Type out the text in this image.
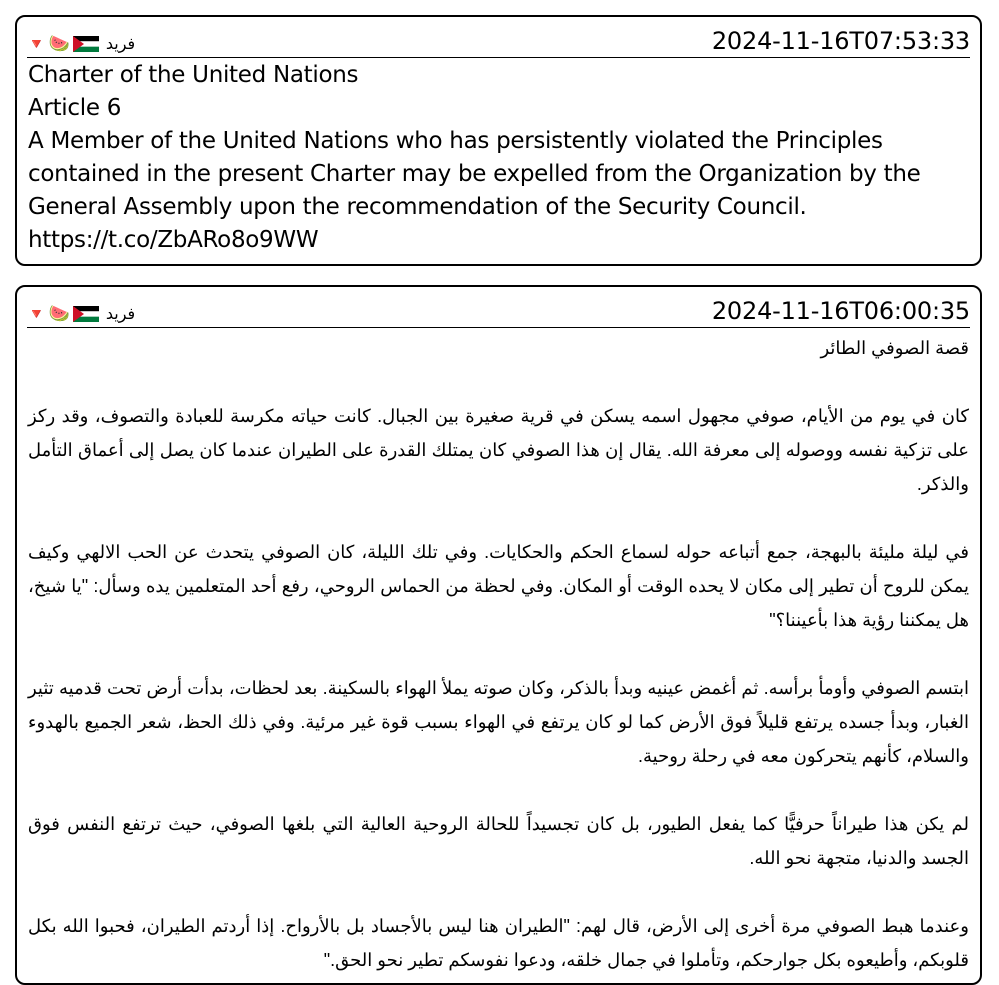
🔻 🍉 فريد	2024-11-16T07:53:33
Charter of the United Nations
Article 6
A Member of the United Nations who has persistently violated the Principles
contained in the present Charter may be expelled from the Organization by the
General Assembly upon the recommendation of the Security Council.
https://t.co/ZbARo8o9WW
🔻 🍉 فريد	2024-11-16T06:00:35

قصة الصوفي الطائر

كان في يوم من الأيام، صوفي مجهول اسمه يسكن في قرية صغيرة بين الجبال. كانت حياته مكرسة للعبادة والتصوف، وقد ركز على تزكية نفسه ووصوله إلى معرفة الله. يقال إن هذا الصوفي كان يمتلك القدرة على الطيران عندما كان يصل إلى أعماق التأمل والذكر.

في ليلة مليئة بالبهجة، جمع أتباعه حوله لسماع الحكم والحكايات. وفي تلك الليلة، كان الصوفي يتحدث عن الحب الالهي وكيف يمكن للروح أن تطير إلى مكان لا يحده الوقت أو المكان. وفي لحظة من الحماس الروحي، رفع أحد المتعلمين يده وسأل: "يا شيخ، هل يمكننا رؤية هذا بأعيننا؟"

ابتسم الصوفي وأومأ برأسه. ثم أغمض عينيه وبدأ بالذكر، وكان صوته يملأ الهواء بالسكينة. بعد لحظات، بدأت أرض تحت قدميه تثير الغبار، وبدأ جسده يرتفع قليلاً فوق الأرض كما لو كان يرتفع في الهواء بسبب قوة غير مرئية. وفي ذلك الحظ، شعر الجميع بالهدوء والسلام، كأنهم يتحركون معه في رحلة روحية.

لم يكن هذا طيراناً حرفيًّا كما يفعل الطيور، بل كان تجسيداً للحالة الروحية العالية التي بلغها الصوفي، حيث ترتفع النفس فوق الجسد والدنيا، متجهة نحو الله.

وعندما هبط الصوفي مرة أخرى إلى الأرض، قال لهم: "الطيران هنا ليس بالأجساد بل بالأرواح. إذا أردتم الطيران، فحبوا الله بكل قلوبكم، وأطيعوه بكل جوارحكم، وتأملوا في جمال خلقه، ودعوا نفوسكم تطير نحو الحق."
